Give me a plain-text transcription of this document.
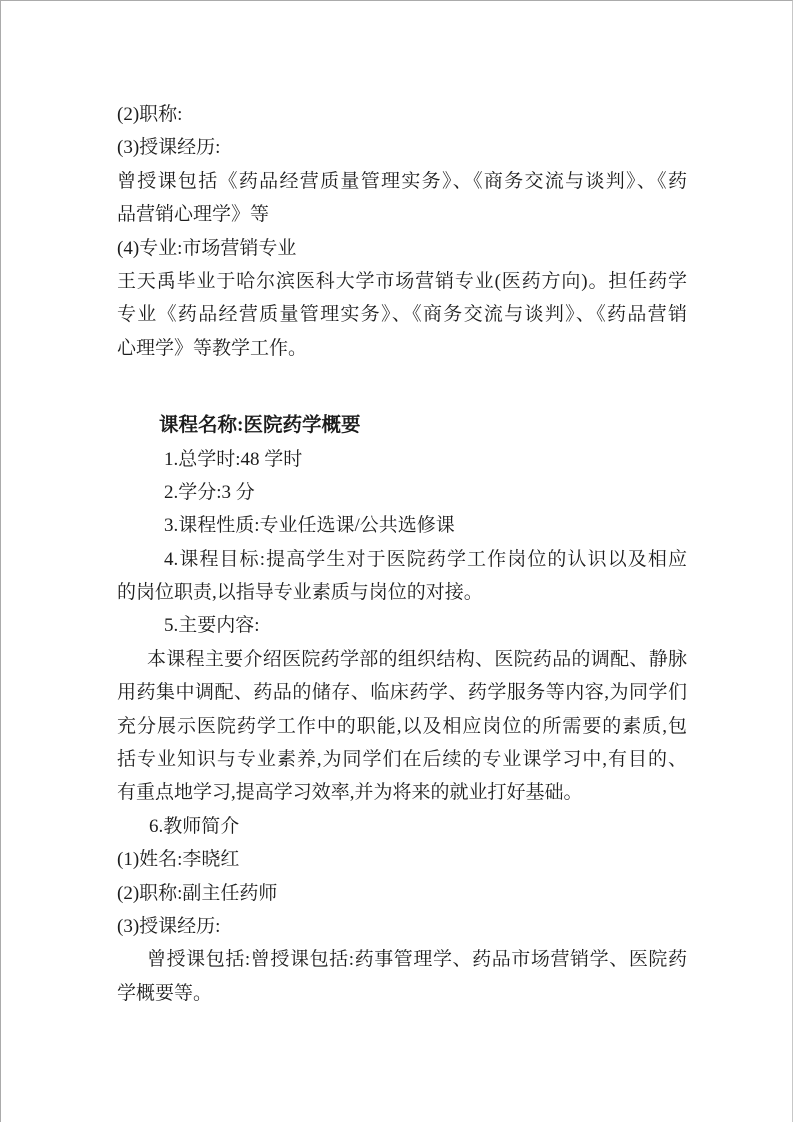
(2)职称:
(3)授课经历:
曾授课包括《药品经营质量管理实务》、《商务交流与谈判》、《药
品营销心理学》等
(4)专业:市场营销专业
王天禹毕业于哈尔滨医科大学市场营销专业(医药方向)。担任药学
专业《药品经营质量管理实务》、《商务交流与谈判》、《药品营销
心理学》等教学工作。
课程名称:医院药学概要
1.总学时:48 学时
2.学分:3 分
3.课程性质:专业任选课/公共选修课
4.课程目标:提高学生对于医院药学工作岗位的认识以及相应
的岗位职责,以指导专业素质与岗位的对接。
5.主要内容:
本课程主要介绍医院药学部的组织结构、医院药品的调配、静脉
用药集中调配、药品的储存、临床药学、药学服务等内容,为同学们
充分展示医院药学工作中的职能,以及相应岗位的所需要的素质,包
括专业知识与专业素养,为同学们在后续的专业课学习中,有目的、
有重点地学习,提高学习效率,并为将来的就业打好基础。
6.教师简介
(1)姓名:李晓红
(2)职称:副主任药师
(3)授课经历:
曾授课包括:曾授课包括:药事管理学、药品市场营销学、医院药
学概要等。
